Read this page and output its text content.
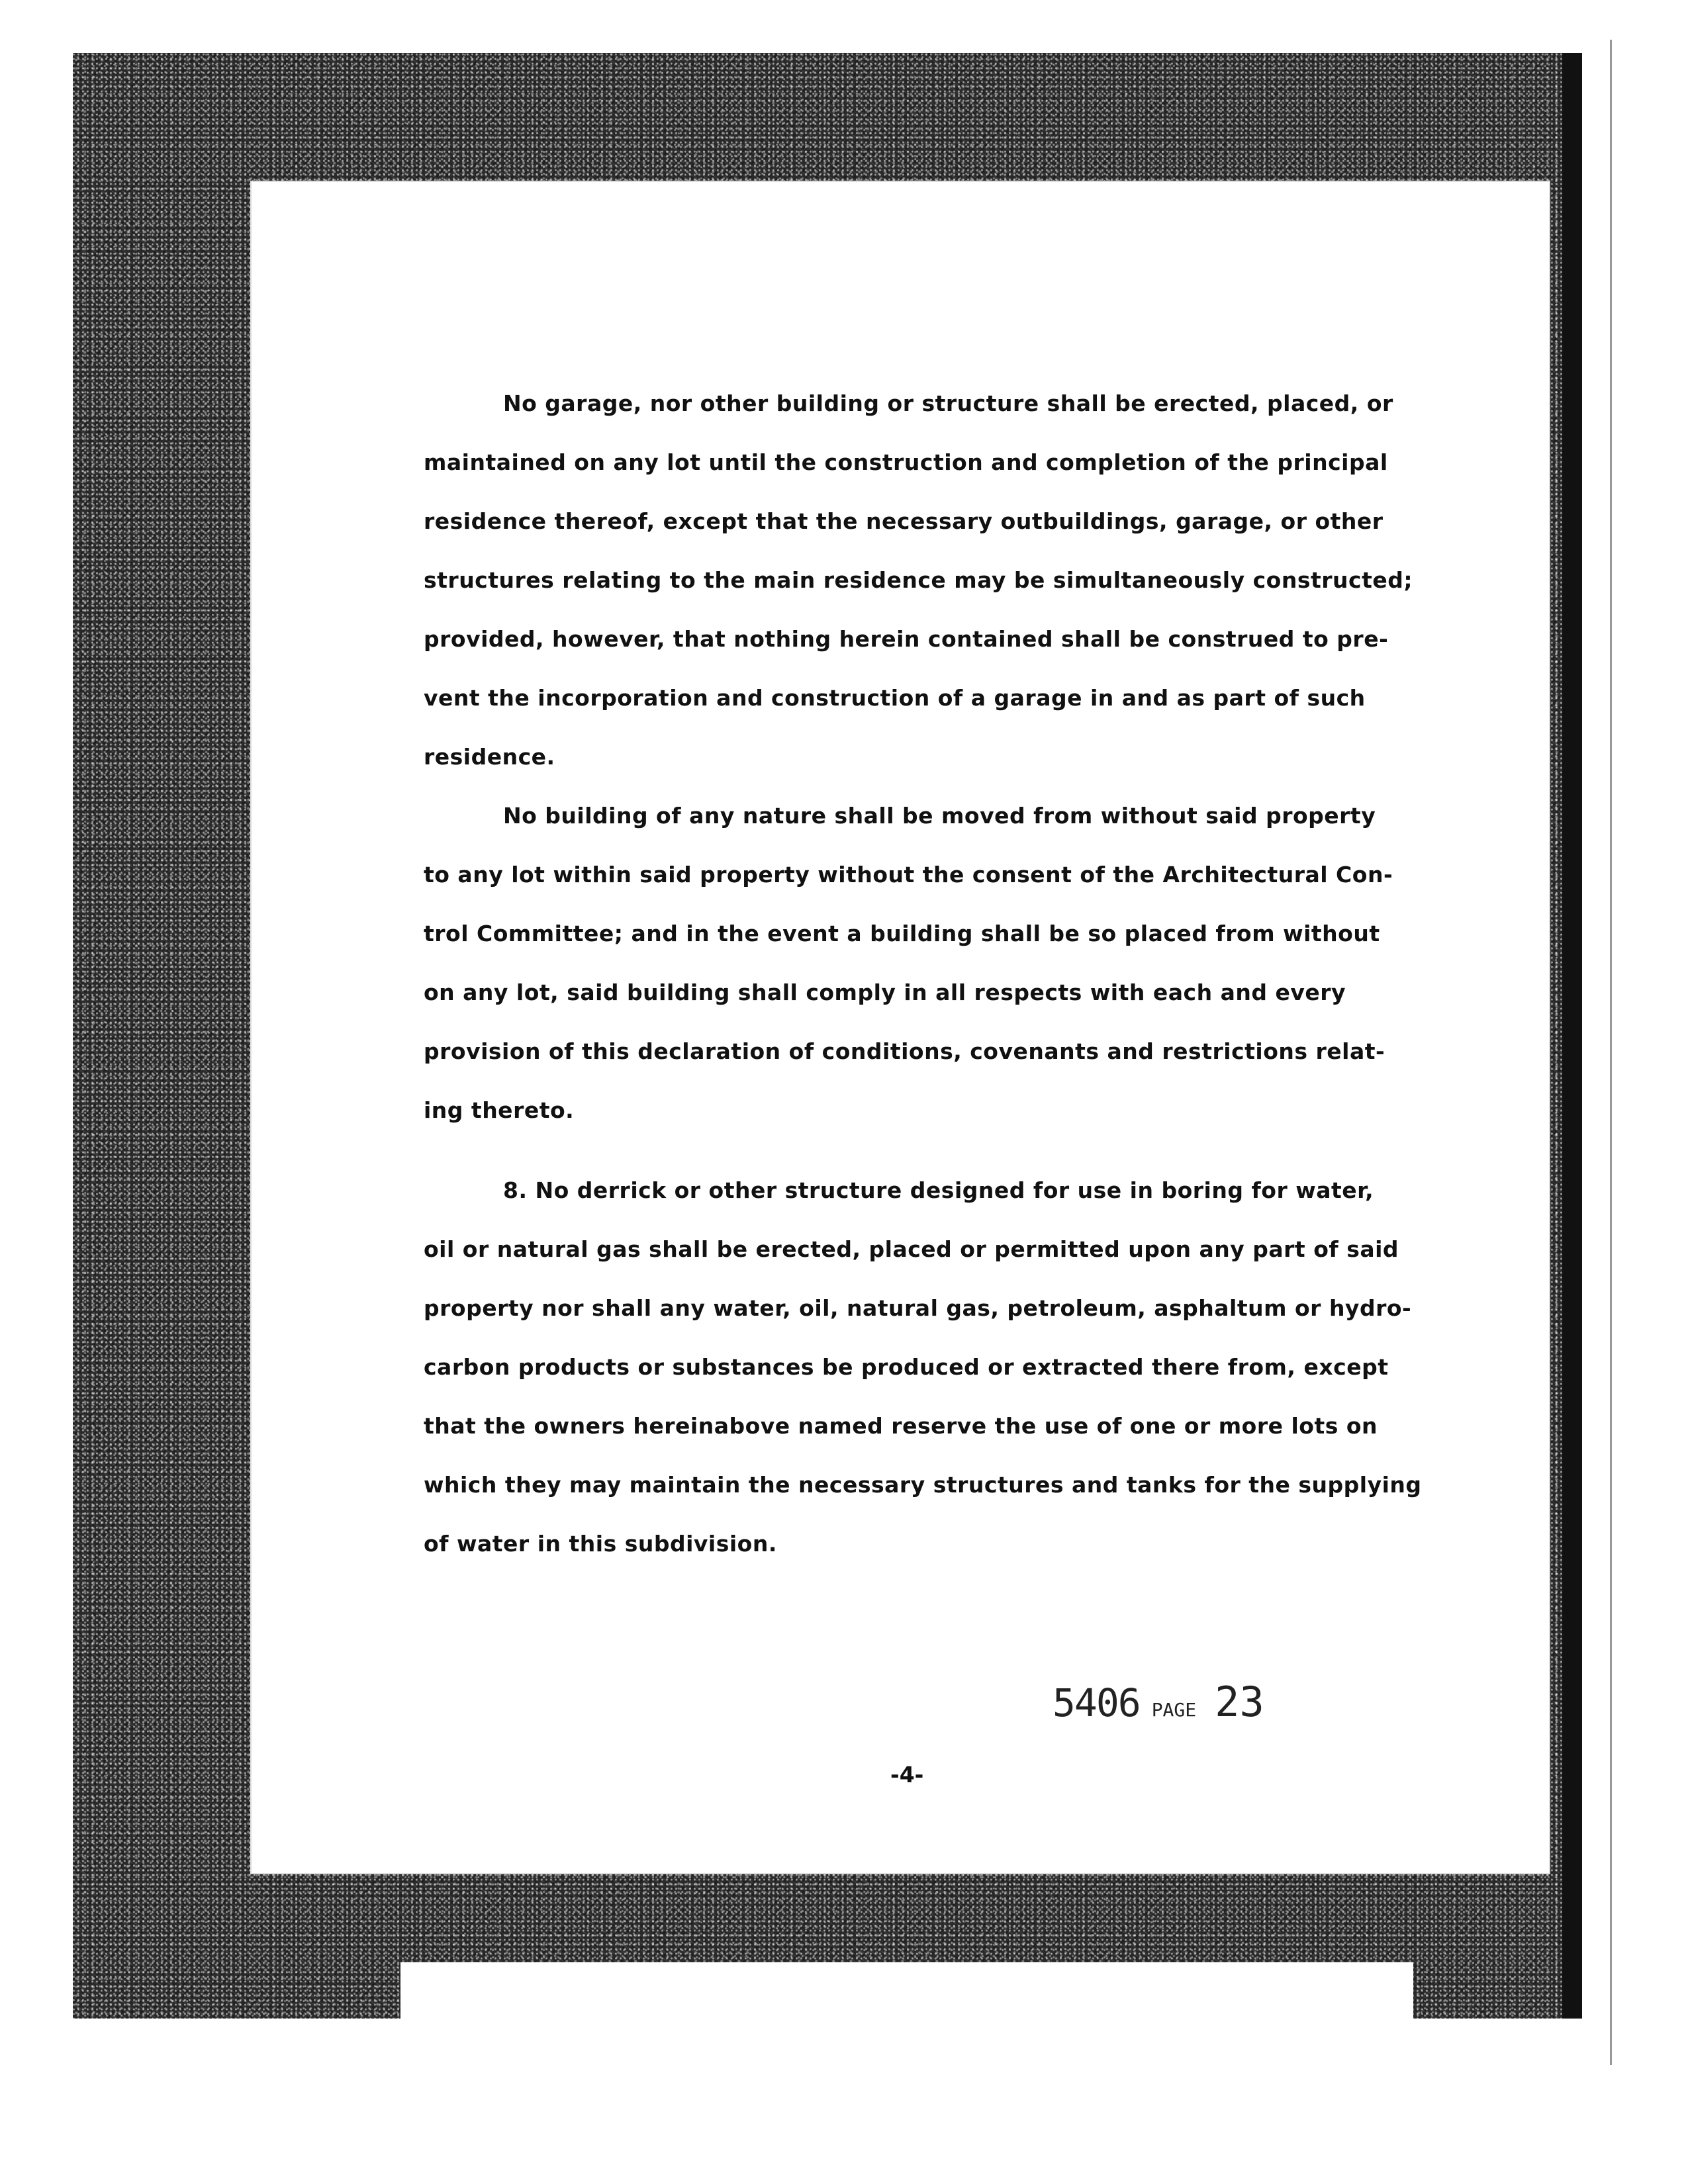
No garage, nor other building or structure shall be erected, placed, or
maintained on any lot until the construction and completion of the principal
residence thereof, except that the necessary outbuildings, garage, or other
structures relating to the main residence may be simultaneously constructed;
provided, however, that nothing herein contained shall be construed to pre-
vent the incorporation and construction of a garage in and as part of such
residence.
No building of any nature shall be moved from without said property
to any lot within said property without the consent of the Architectural Con-
trol Committee; and in the event a building shall be so placed from without
on any lot, said building shall comply in all respects with each and every
provision of this declaration of conditions, covenants and restrictions relat-
ing thereto.
8. No derrick or other structure designed for use in boring for water,
oil or natural gas shall be erected, placed or permitted upon any part of said
property nor shall any water, oil, natural gas, petroleum, asphaltum or hydro-
carbon products or substances be produced or extracted there from, except
that the owners hereinabove named reserve the use of one or more lots on
which they may maintain the necessary structures and tanks for the supplying
of water in this subdivision.
5406 PAGE 23
-4-
